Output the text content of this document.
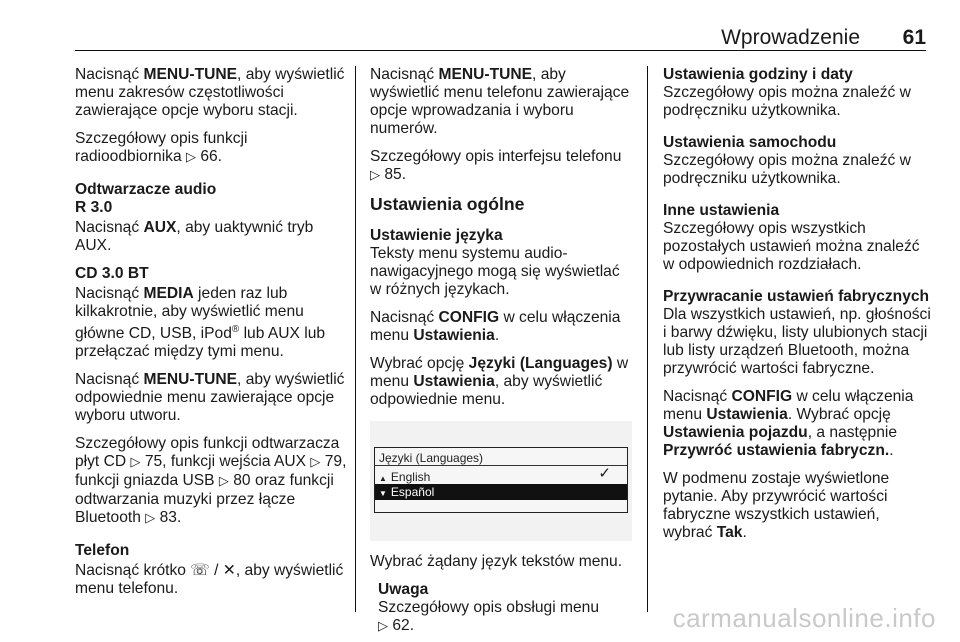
Wprowadzenie 61

Nacisnąć MENU-TUNE, aby wyświetlić menu zakresów częstotliwości zawierające opcje wyboru stacji.

Szczegółowy opis funkcji radioodbiornika ▷ 66.

Odtwarzacze audio
R 3.0

Nacisnąć AUX, aby uaktywnić tryb AUX.

CD 3.0 BT

Nacisnąć MEDIA jeden raz lub kilkakrotnie, aby wyświetlić menu główne CD, USB, iPod® lub AUX lub przełączać między tymi menu.

Nacisnąć MENU-TUNE, aby wyświetlić odpowiednie menu zawierające opcje wyboru utworu.

Szczegółowy opis funkcji odtwarzacza płyt CD ▷ 75, funkcji wejścia AUX ▷ 79, funkcji gniazda USB ▷ 80 oraz funkcji odtwarzania muzyki przez łącze Bluetooth ▷ 83.

Telefon

Nacisnąć krótko ☏ / ✕, aby wyświetlić menu telefonu.

Nacisnąć MENU-TUNE, aby wyświetlić menu telefonu zawierające opcje wprowadzania i wyboru numerów.

Szczegółowy opis interfejsu telefonu ▷ 85.

Ustawienia ogólne
Ustawienie języka

Teksty menu systemu audio-nawigacyjnego mogą się wyświetlać w różnych językach.

Nacisnąć CONFIG w celu włączenia menu Ustawienia.

Wybrać opcję Języki (Languages) w menu Ustawienia, aby wyświetlić odpowiednie menu.

Języki (Languages)
▲ English	✓
▼ Español

Wybrać żądany język tekstów menu.

Uwaga
Szczegółowy opis obsługi menu
▷ 62.
Ustawienia godziny i daty

Szczegółowy opis można znaleźć w podręczniku użytkownika.

Ustawienia samochodu

Szczegółowy opis można znaleźć w podręczniku użytkownika.

Inne ustawienia

Szczegółowy opis wszystkich pozostałych ustawień można znaleźć w odpowiednich rozdziałach.

Przywracanie ustawień fabrycznych

Dla wszystkich ustawień, np. głośności i barwy dźwięku, listy ulubionych stacji lub listy urządzeń Bluetooth, można przywrócić wartości fabryczne.

Nacisnąć CONFIG w celu włączenia menu Ustawienia. Wybrać opcję Ustawienia pojazdu, a następnie Przywróć ustawienia fabryczn..

W podmenu zostaje wyświetlone pytanie. Aby przywrócić wartości fabryczne wszystkich ustawień, wybrać Tak.

carmanualsonline.info
